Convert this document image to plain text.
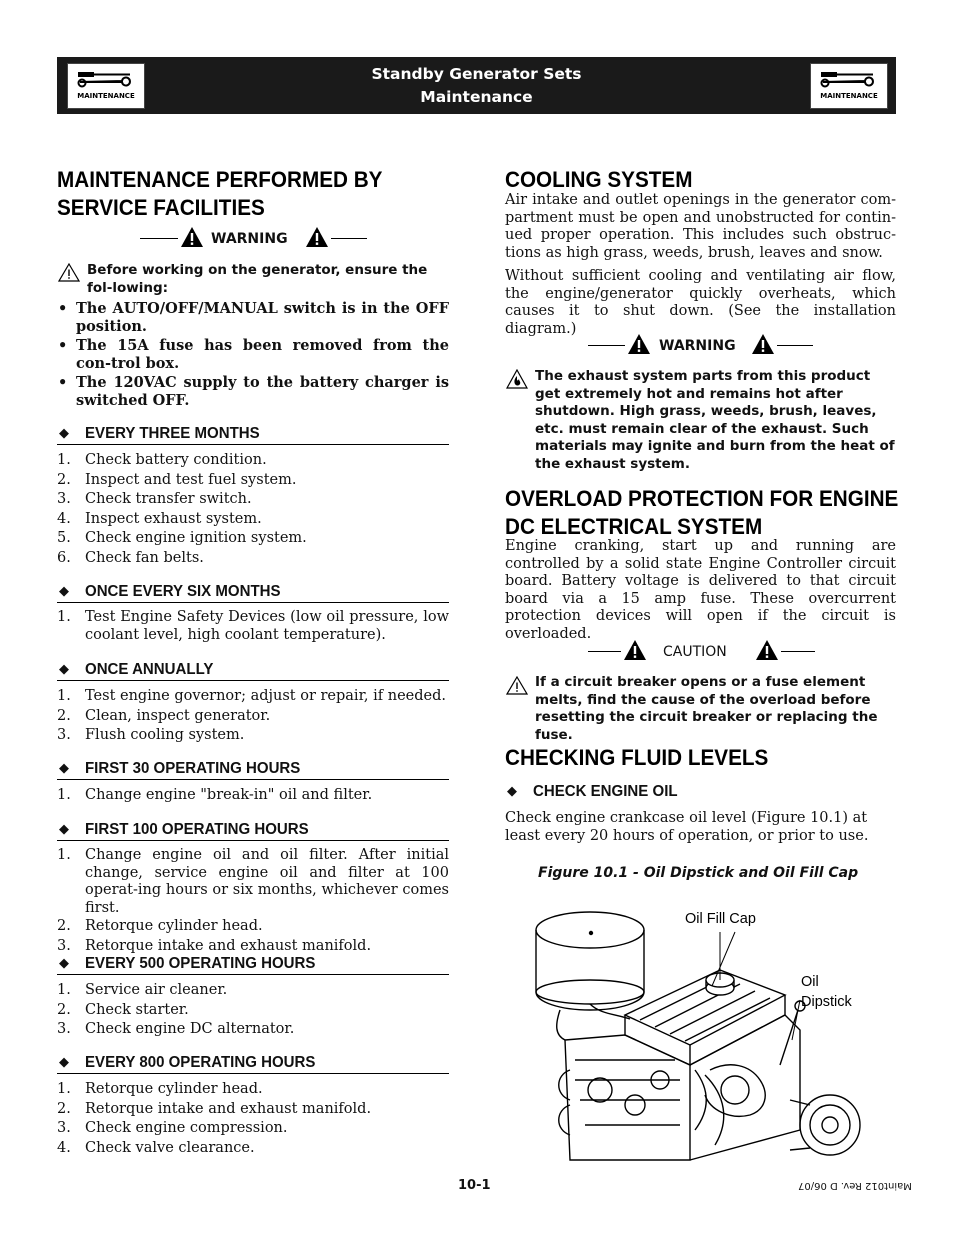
MAINTENANCE
Standby Generator Sets
Maintenance	MAINTENANCE
MAINTENANCE PERFORMED BY
SERVICE FACILITIES
WARNING
Before working on the generator, ensure the fol-lowing:
• The AUTO/OFF/MANUAL switch is in the OFF position.
• The 15A fuse has been removed from the con-trol box.
• The 120VAC supply to the battery charger is switched OFF.
◆ EVERY THREE MONTHS
1. Check battery condition.
2. Inspect and test fuel system.
3. Check transfer switch.
4. Inspect exhaust system.
5. Check engine ignition system.
6. Check fan belts.
◆ ONCE EVERY SIX MONTHS
1. Test Engine Safety Devices (low oil pressure, low coolant level, high coolant temperature).
◆ ONCE ANNUALLY
1. Test engine governor; adjust or repair, if needed.
2. Clean, inspect generator.
3. Flush cooling system.
◆ FIRST 30 OPERATING HOURS
1. Change engine "break-in" oil and filter.
◆ FIRST 100 OPERATING HOURS
1. Change engine oil and oil filter. After initial change, service engine oil and filter at 100 operat-ing hours or six months, whichever comes first.
2. Retorque cylinder head.
3. Retorque intake and exhaust manifold.
◆ EVERY 500 OPERATING HOURS
1. Service air cleaner.
2. Check starter.
3. Check engine DC alternator.
◆ EVERY 800 OPERATING HOURS
1. Retorque cylinder head.
2. Retorque intake and exhaust manifold.
3. Check engine compression.
4. Check valve clearance.
COOLING SYSTEM
Air intake and outlet openings in the generator com-partment must be open and unobstructed for contin-ued proper operation. This includes such obstruc-tions as high grass, weeds, brush, leaves and snow.
Without sufficient cooling and ventilating air flow, the engine/generator quickly overheats, which causes it to shut down. (See the installation diagram.)
WARNING
The exhaust system parts from this product get extremely hot and remains hot after shutdown. High grass, weeds, brush, leaves, etc. must remain clear of the exhaust. Such materials may ignite and burn from the heat of the exhaust system.
OVERLOAD PROTECTION FOR ENGINE
DC ELECTRICAL SYSTEM
Engine cranking, start up and running are controlled by a solid state Engine Controller circuit board. Battery voltage is delivered to that circuit board via a 15 amp fuse. These overcurrent protection devices will open if the circuit is overloaded.
CAUTION
If a circuit breaker opens or a fuse element melts, find the cause of the overload before resetting the circuit breaker or replacing the fuse.
CHECKING FLUID LEVELS
◆ CHECK ENGINE OIL
Check engine crankcase oil level (Figure 10.1) at least every 20 hours of operation, or prior to use.
Figure 10.1 - Oil Dipstick and Oil Fill Cap
Oil Fill Cap
Oil
Dipstick
10-1	Maint012 Rev. D 06/07
